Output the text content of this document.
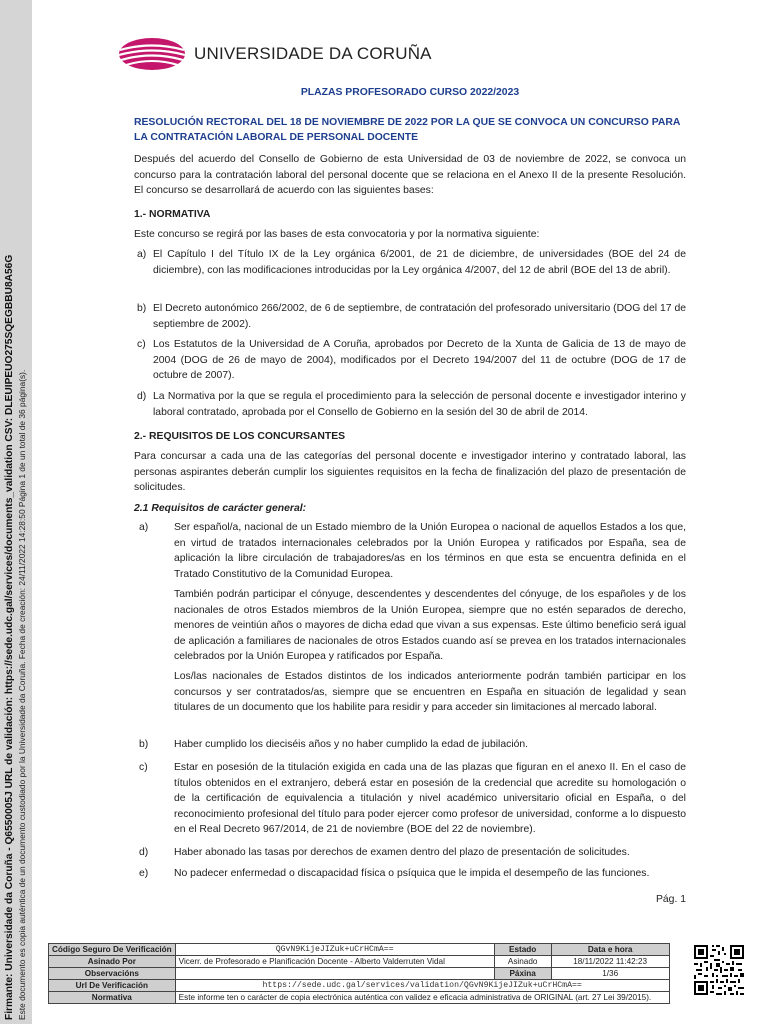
Firmante: Universidade da Coruña - Q6550005J URL de validación: https://sede.udc.gal/services/documents_validation CSV: DLEUIPEUO275SQEGBBU8A56G Este documento es copia auténtica de un documento custodiado por la Universidade da Coruña. Fecha de creación: 24/11/2022 14:28:50 Página 1 de un total de 36 página(s).
UNIVERSIDADE DA CORUÑA
PLAZAS PROFESORADO CURSO 2022/2023
RESOLUCIÓN RECTORAL DEL 18 DE NOVIEMBRE DE 2022 POR LA QUE SE CONVOCA UN CONCURSO PARA LA CONTRATACIÓN LABORAL DE PERSONAL DOCENTE
Después del acuerdo del Consello de Gobierno de esta Universidad de 03 de noviembre de 2022, se convoca un concurso para la contratación laboral del personal docente que se relaciona en el Anexo II de la presente Resolución. El concurso se desarrollará de acuerdo con las siguientes bases:
1.- NORMATIVA
Este concurso se regirá por las bases de esta convocatoria y por la normativa siguiente:
a) El Capítulo I del Título IX de la Ley orgánica 6/2001, de 21 de diciembre, de universidades (BOE del 24 de diciembre), con las modificaciones introducidas por la Ley orgánica 4/2007, del 12 de abril (BOE del 13 de abril).
b) El Decreto autonómico 266/2002, de 6 de septiembre, de contratación del profesorado universitario (DOG del 17 de septiembre de 2002).
c) Los Estatutos de la Universidad de A Coruña, aprobados por Decreto de la Xunta de Galicia de 13 de mayo de 2004 (DOG de 26 de mayo de 2004), modificados por el Decreto 194/2007 del 11 de octubre (DOG de 17 de octubre de 2007).
d) La Normativa por la que se regula el procedimiento para la selección de personal docente e investigador interino y laboral contratado, aprobada por el Consello de Gobierno en la sesión del 30 de abril de 2014.
2.- REQUISITOS DE LOS CONCURSANTES
Para concursar a cada una de las categorías del personal docente e investigador interino y contratado laboral, las personas aspirantes deberán cumplir los siguientes requisitos en la fecha de finalización del plazo de presentación de solicitudes.
2.1 Requisitos de carácter general:
a) Ser español/a, nacional de un Estado miembro de la Unión Europea o nacional de aquellos Estados a los que, en virtud de tratados internacionales celebrados por la Unión Europea y ratificados por España, sea de aplicación la libre circulación de trabajadores/as en los términos en que esta se encuentra definida en el Tratado Constitutivo de la Comunidad Europea.
También podrán participar el cónyuge, descendentes y descendentes del cónyuge, de los españoles y de los nacionales de otros Estados miembros de la Unión Europea, siempre que no estén separados de derecho, menores de veintiún años o mayores de dicha edad que vivan a sus expensas. Este último beneficio será igual de aplicación a familiares de nacionales de otros Estados cuando así se prevea en los tratados internacionales celebrados por la Unión Europea y ratificados por España.
Los/las nacionales de Estados distintos de los indicados anteriormente podrán también participar en los concursos y ser contratados/as, siempre que se encuentren en España en situación de legalidad y sean titulares de un documento que los habilite para residir y para acceder sin limitaciones al mercado laboral.
b) Haber cumplido los dieciséis años y no haber cumplido la edad de jubilación.
c)	Estar en posesión de la titulación exigida en cada una de las plazas que figuran en el anexo II. En el caso de títulos obtenidos en el extranjero, deberá estar en posesión de la credencial que acredite su homologación o de la certificación de equivalencia a titulación y nivel académico universitario oficial en España, o del reconocimiento profesional del título para poder ejercer como profesor de universidad, conforme a lo dispuesto en el Real Decreto 967/2014, de 21 de noviembre (BOE del 22 de noviembre).
d) Haber abonado las tasas por derechos de examen dentro del plazo de presentación de solicitudes.
e) No padecer enfermedad o discapacidad física o psíquica que le impida el desempeño de las funciones.
Pág. 1
Código Seguro De Verificación	QGvN9KijeJIZuk+uCrHCmA==	Estado	Data e hora
Asinado Por	Vicerr. de Profesorado e Planificación Docente - Alberto Valderruten Vidal	Asinado	18/11/2022 11:42:23
Observacións		Páxina	1/36
Url De Verificación	https://sede.udc.gal/services/validation/QGvN9KijeJIZuk+uCrHCmA==		
Normativa	Este informe ten o carácter de copia electrónica auténtica con validez e eficacia administrativa de ORIGINAL (art. 27 Lei 39/2015).		
